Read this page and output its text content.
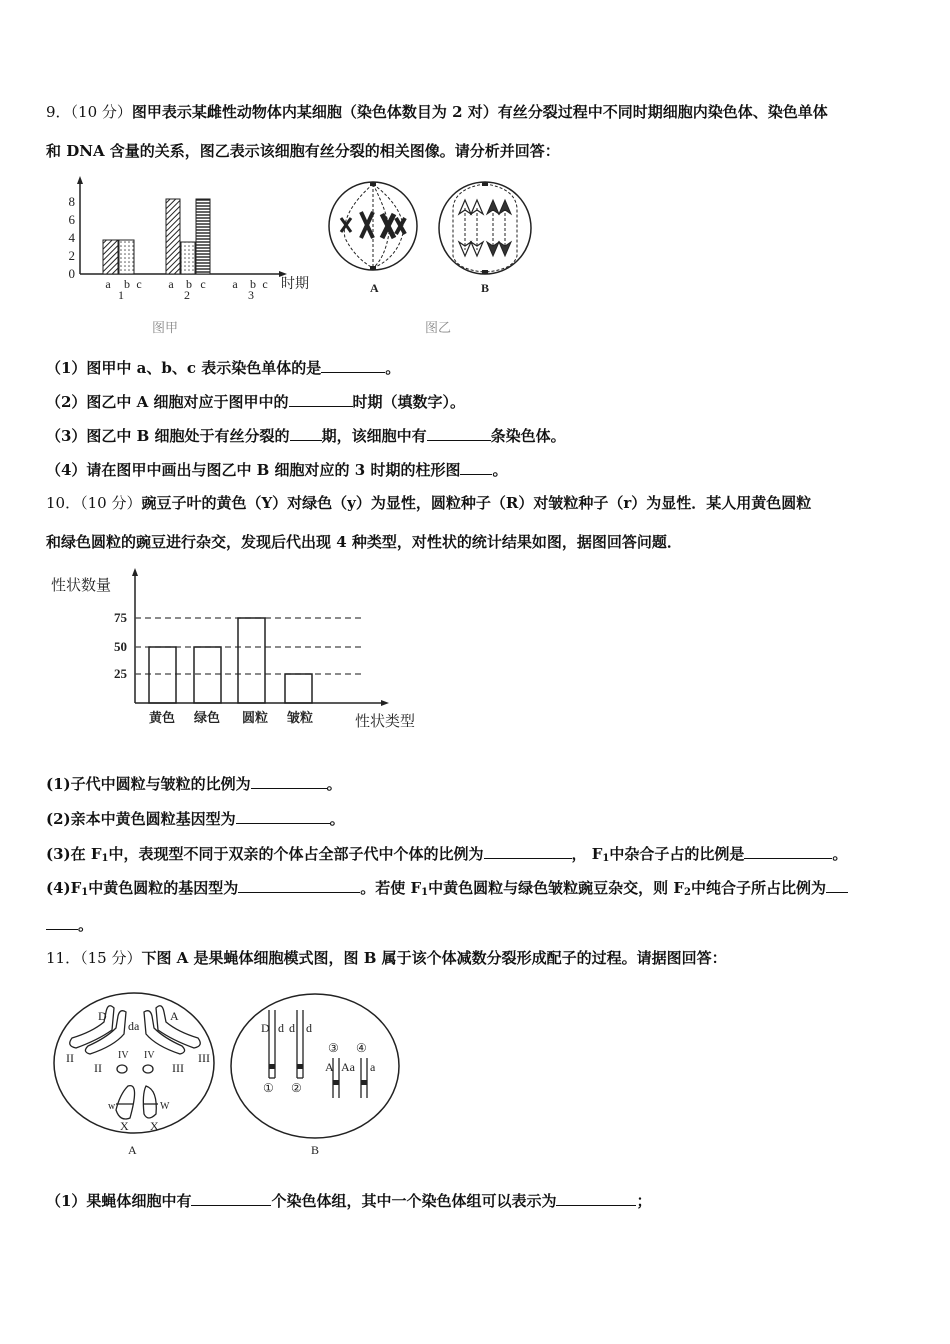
9．（10 分）图甲表示某雌性动物体内某细胞（染色体数目为 2 对）有丝分裂过程中不同时期细胞内染色体、染色单体
和 DNA 含量的关系，图乙表示该细胞有丝分裂的相关图像。请分析并回答：
0
2
4
6
8
a b c
1
a b c
2
a b c
3
时期
图甲
A	B
图乙
（1）图甲中 a、b、c 表示染色单体的是	。
（2）图乙中 A 细胞对应于图甲中的	时期（填数字）。
（3）图乙中 B 细胞处于有丝分裂的 期，该细胞中有	条染色体。
（4）请在图甲中画出与图乙中 B 细胞对应的 3 时期的柱形图 。
10．（10 分）豌豆子叶的黄色（Y）对绿色（y）为显性，圆粒种子（R）对皱粒种子（r）为显性．某人用黄色圆粒
和绿色圆粒的豌豆进行杂交，发现后代出现 4 种类型，对性状的统计结果如图，据图回答问题．
性状数量
75
50
25
黄色 绿色 圆粒 皱粒	性状类型
(1)子代中圆粒与皱粒的比例为	。
(2)亲本中黄色圆粒基因型为	。
(3)在 $F_1$中，表现型不同于双亲的个体占全部子代中个体的比例为	， $F_1$中杂合子占的比例是	。
$(4)F_1$中黄色圆粒的基因型为	。若使 $F_1$中黄色圆粒与绿色皱粒豌豆杂交，则 $F_2$中纯合子所占比例为
。
11．（15 分）下图 A 是果蝇体细胞模式图，图 B 属于该个体减数分裂形成配子的过程。请据图回答：
D
da
A
II
II
IV IV
III
III
w	W
X X
A
D d d d
① ②
③ ④
A Aa a
B
（1）果蝇体细胞中有	个染色体组，其中一个染色体组可以表示为	；
